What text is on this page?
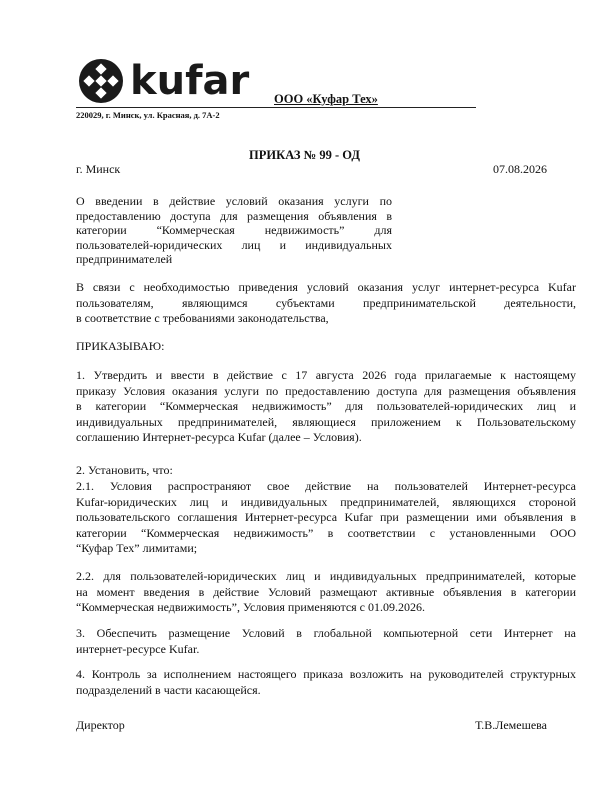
kufar ООО «Куфар Тех»
220029, г. Минск, ул. Красная, д. 7А-2
ПРИКАЗ № 99 - ОД
г. Минск	07.08.2026
О введении в действие условий оказания услуги по
предоставлению доступа для размещения объявления в
категории “Коммерческая недвижимость” для
пользователей-юридических лиц и индивидуальных
предпринимателей
В связи с необходимостью приведения условий оказания услуг интернет-ресурса Kufar
пользователям, являющимся субъектами предпринимательской деятельности,
в соответствие с требованиями законодательства,
ПРИКАЗЫВАЮ:
1. Утвердить и ввести в действие с 17 августа 2026 года прилагаемые к настоящему
приказу Условия оказания услуги по предоставлению доступа для размещения объявления
в категории “Коммерческая недвижимость” для пользователей-юридических лиц и
индивидуальных предпринимателей, являющиеся приложением к Пользовательскому
соглашению Интернет-ресурса Kufar (далее – Условия).
2. Установить, что:
2.1. Условия распространяют свое действие на пользователей Интернет-ресурса
Kufar-юридических лиц и индивидуальных предпринимателей, являющихся стороной
пользовательского соглашения Интернет-ресурса Kufar при размещении ими объявления в
категории “Коммерческая недвижимость” в соответствии с установленными ООО
“Куфар Тех” лимитами;
2.2. для пользователей-юридических лиц и индивидуальных предпринимателей, которые
на момент введения в действие Условий размещают активные объявления в категории
“Коммерческая недвижимость”, Условия применяются с 01.09.2026.
3. Обеспечить размещение Условий в глобальной компьютерной сети Интернет на
интернет-ресурсе Kufar.
4. Контроль за исполнением настоящего приказа возложить на руководителей структурных
подразделений в части касающейся.
Директор	Т.В.Лемешева
